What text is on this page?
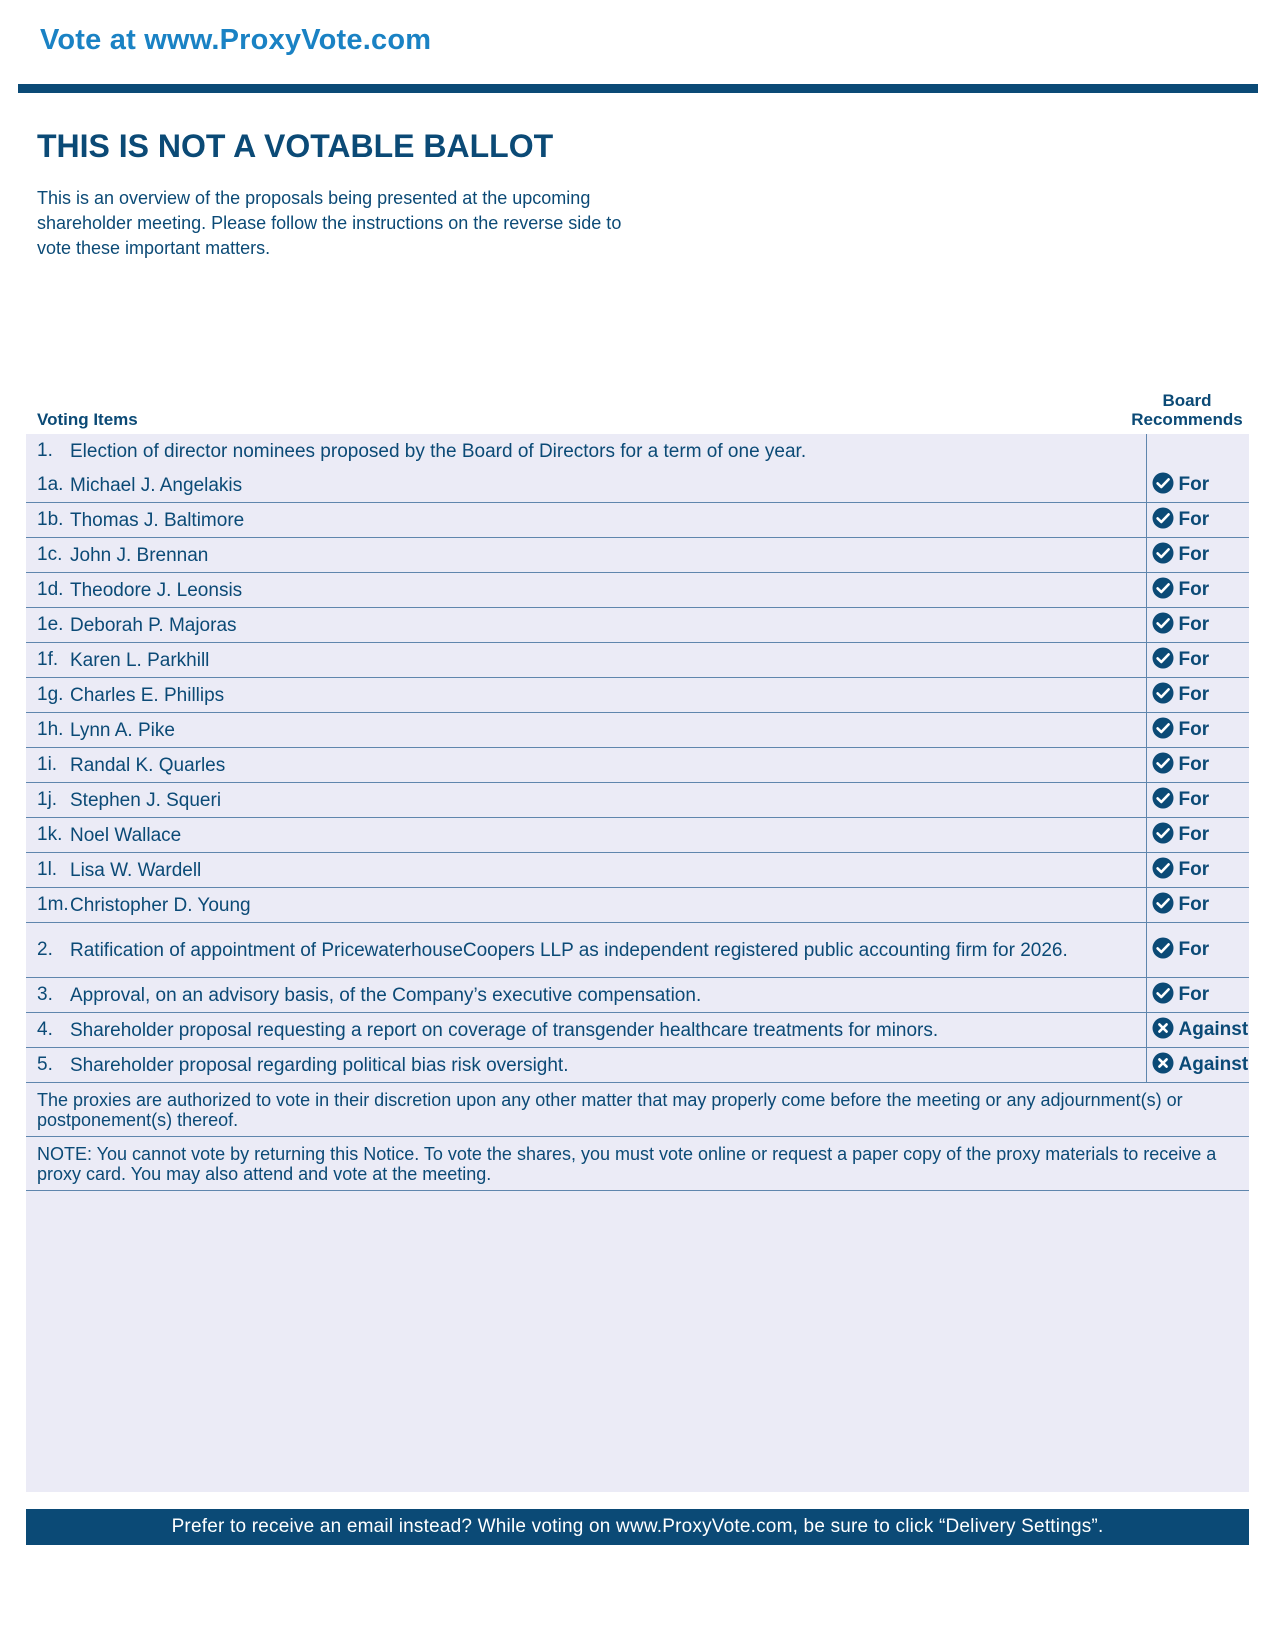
Vote at www.ProxyVote.com
THIS IS NOT A VOTABLE BALLOT

This is an overview of the proposals being presented at the upcoming shareholder meeting. Please follow the instructions on the reverse side to vote these important matters.

Voting Items
Board
Recommends
1.	Election of director nominees proposed by the Board of Directors for a term of one year.	
1a.	Michael J. Angelakis	For
1b.	Thomas J. Baltimore	For
1c.	John J. Brennan	For
1d.	Theodore J. Leonsis	For
1e.	Deborah P. Majoras	For
1f.	Karen L. Parkhill	For
1g.	Charles E. Phillips	For
1h.	Lynn A. Pike	For
1i.	Randal K. Quarles	For
1j.	Stephen J. Squeri	For
1k.	Noel Wallace	For
1l.	Lisa W. Wardell	For
1m.	Christopher D. Young	For
2.	Ratification of appointment of PricewaterhouseCoopers LLP as independent registered public accounting firm for 2026.	For
3.	Approval, on an advisory basis, of the Company’s executive compensation.	For
4.	Shareholder proposal requesting a report on coverage of transgender healthcare treatments for minors.	Against
5.	Shareholder proposal regarding political bias risk oversight.	Against
The proxies are authorized to vote in their discretion upon any other matter that may properly come before the meeting or any adjournment(s) or postponement(s) thereof.
NOTE: You cannot vote by returning this Notice. To vote the shares, you must vote online or request a paper copy of the proxy materials to receive a proxy card. You may also attend and vote at the meeting.
Prefer to receive an email instead? While voting on www.ProxyVote.com, be sure to click “Delivery Settings”.
